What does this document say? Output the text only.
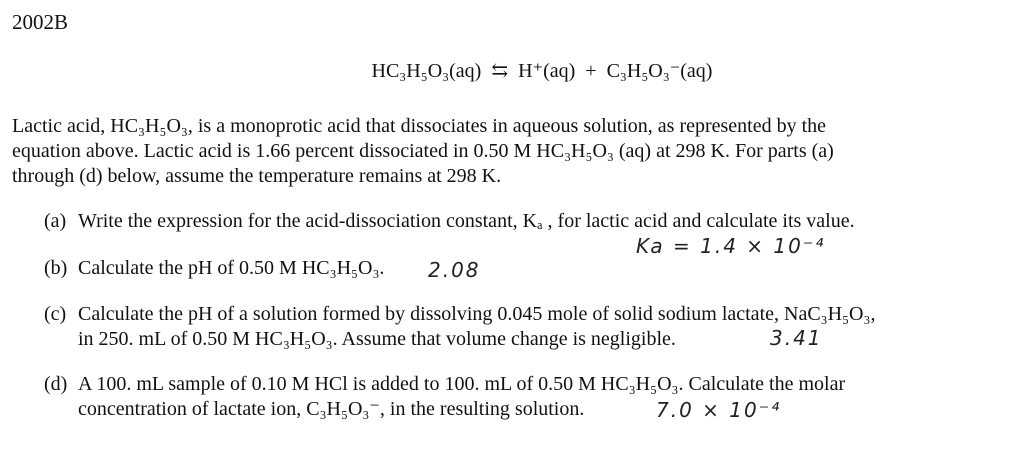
2002B
HC₃H₅O₃(aq) ⇆ H⁺(aq) + C₃H₅O₃⁻(aq)
Lactic acid, HC₃H₅O₃, is a monoprotic acid that dissociates in aqueous solution, as represented by the
equation above. Lactic acid is 1.66 percent dissociated in 0.50 M HC₃H₅O₃ (aq) at 298 K. For parts (a)
through (d) below, assume the temperature remains at 298 K.
(a) Write the expression for the acid-dissociation constant, Kₐ , for lactic acid and calculate its value.
Ka = 1.4 × 10⁻⁴
(b) Calculate the pH of 0.50 M HC₃H₅O₃.	2.08
(c) Calculate the pH of a solution formed by dissolving 0.045 mole of solid sodium lactate, NaC₃H₅O₃,
in 250. mL of 0.50 M HC₃H₅O₃. Assume that volume change is negligible.	3.41
(d) A 100. mL sample of 0.10 M HCl is added to 100. mL of 0.50 M HC₃H₅O₃. Calculate the molar
concentration of lactate ion, C₃H₅O₃⁻, in the resulting solution.	7.0 × 10⁻⁴
